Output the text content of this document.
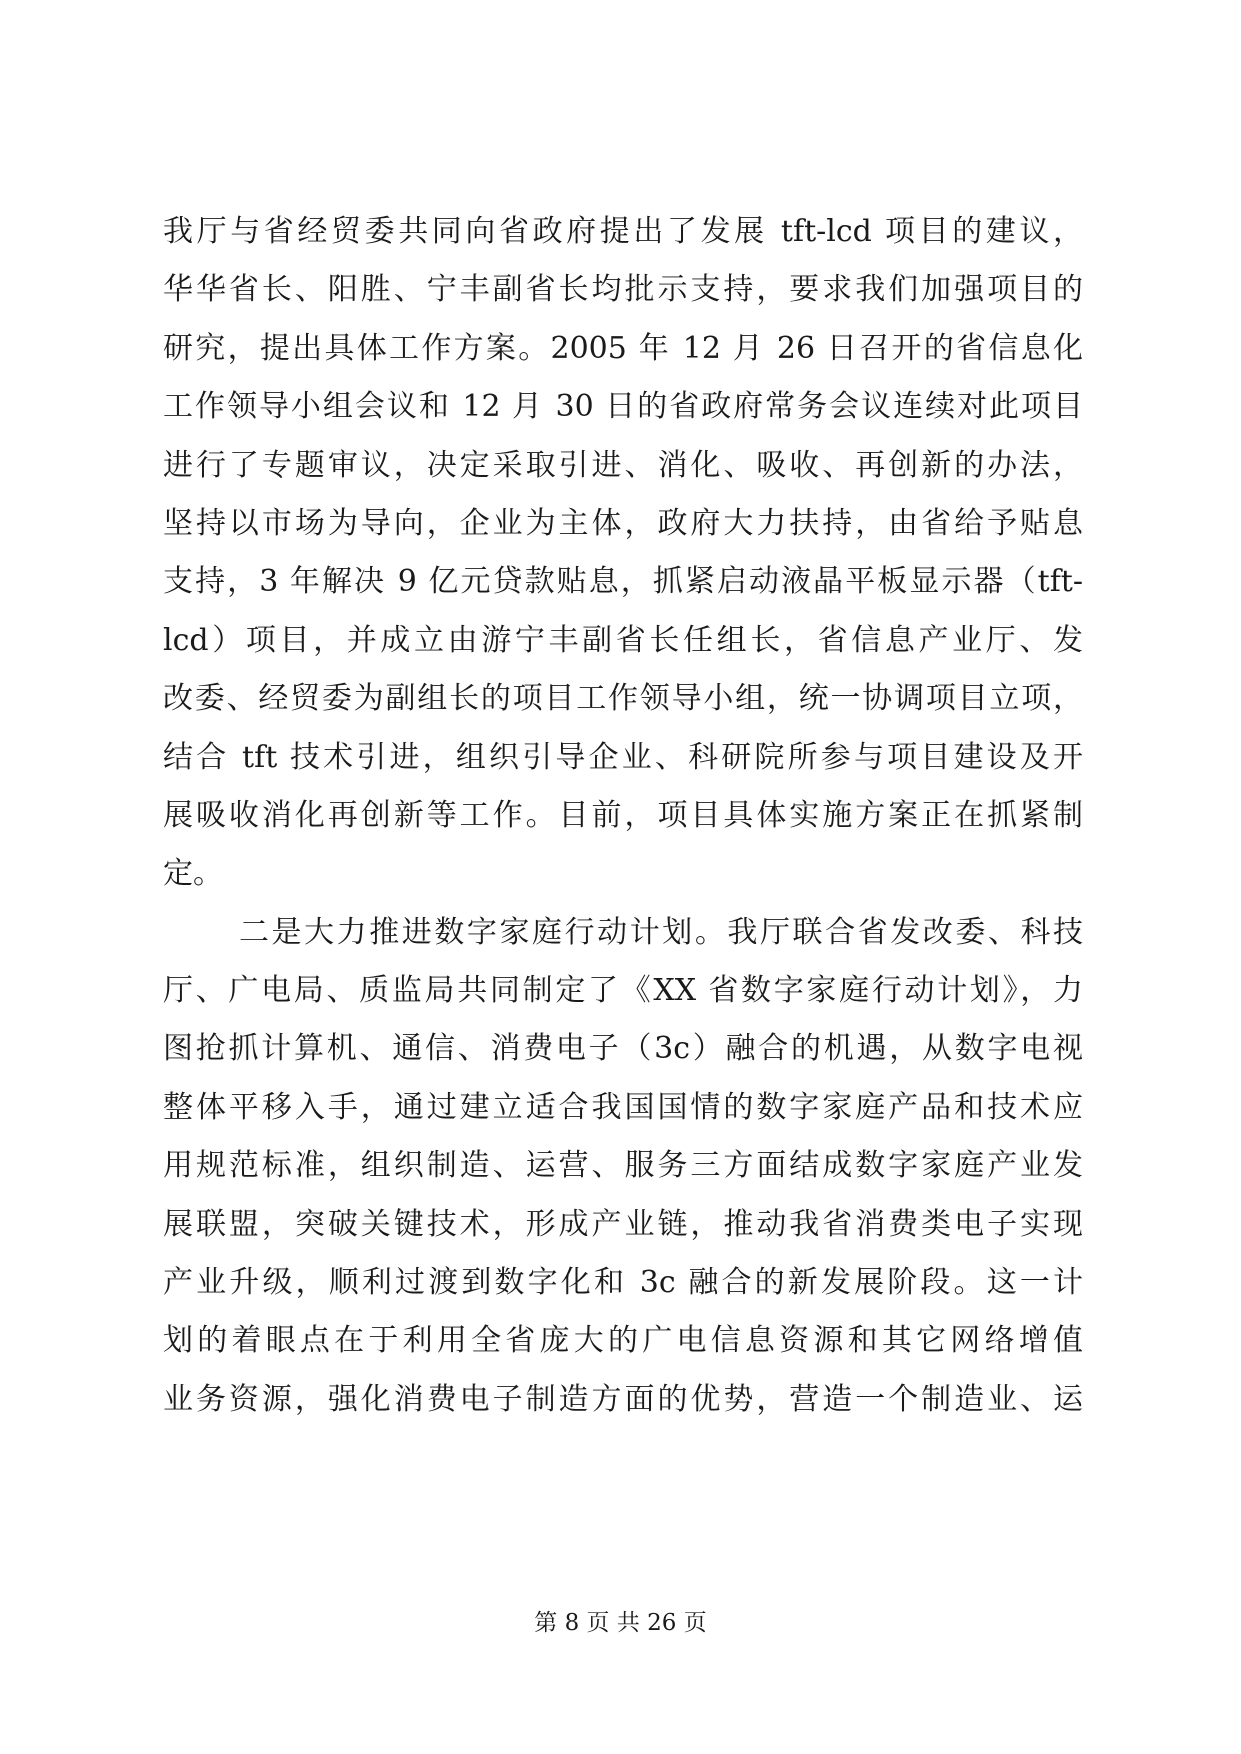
我厅与省经贸委共同向省政府提出了发展 tft-lcd 项目的建议，
华华省长、阳胜、宁丰副省长均批示支持，要求我们加强项目的
研究，提出具体工作方案。2005 年 12 月 26 日召开的省信息化
工作领导小组会议和 12 月 30 日的省政府常务会议连续对此项目
进行了专题审议，决定采取引进、消化、吸收、再创新的办法，
坚持以市场为导向，企业为主体，政府大力扶持，由省给予贴息
支持，3 年解决 9 亿元贷款贴息，抓紧启动液晶平板显示器（tft-
lcd）项目，并成立由游宁丰副省长任组长，省信息产业厅、发
改委、经贸委为副组长的项目工作领导小组，统一协调项目立项，
结合 tft 技术引进，组织引导企业、科研院所参与项目建设及开
展吸收消化再创新等工作。目前，项目具体实施方案正在抓紧制
定。
二是大力推进数字家庭行动计划。我厅联合省发改委、科技
厅、广电局、质监局共同制定了《XX 省数字家庭行动计划》，力
图抢抓计算机、通信、消费电子（3c）融合的机遇，从数字电视
整体平移入手，通过建立适合我国国情的数字家庭产品和技术应
用规范标准，组织制造、运营、服务三方面结成数字家庭产业发
展联盟，突破关键技术，形成产业链，推动我省消费类电子实现
产业升级，顺利过渡到数字化和 3c 融合的新发展阶段。这一计
划的着眼点在于利用全省庞大的广电信息资源和其它网络增值
业务资源，强化消费电子制造方面的优势，营造一个制造业、运
第 8 页 共 26 页
